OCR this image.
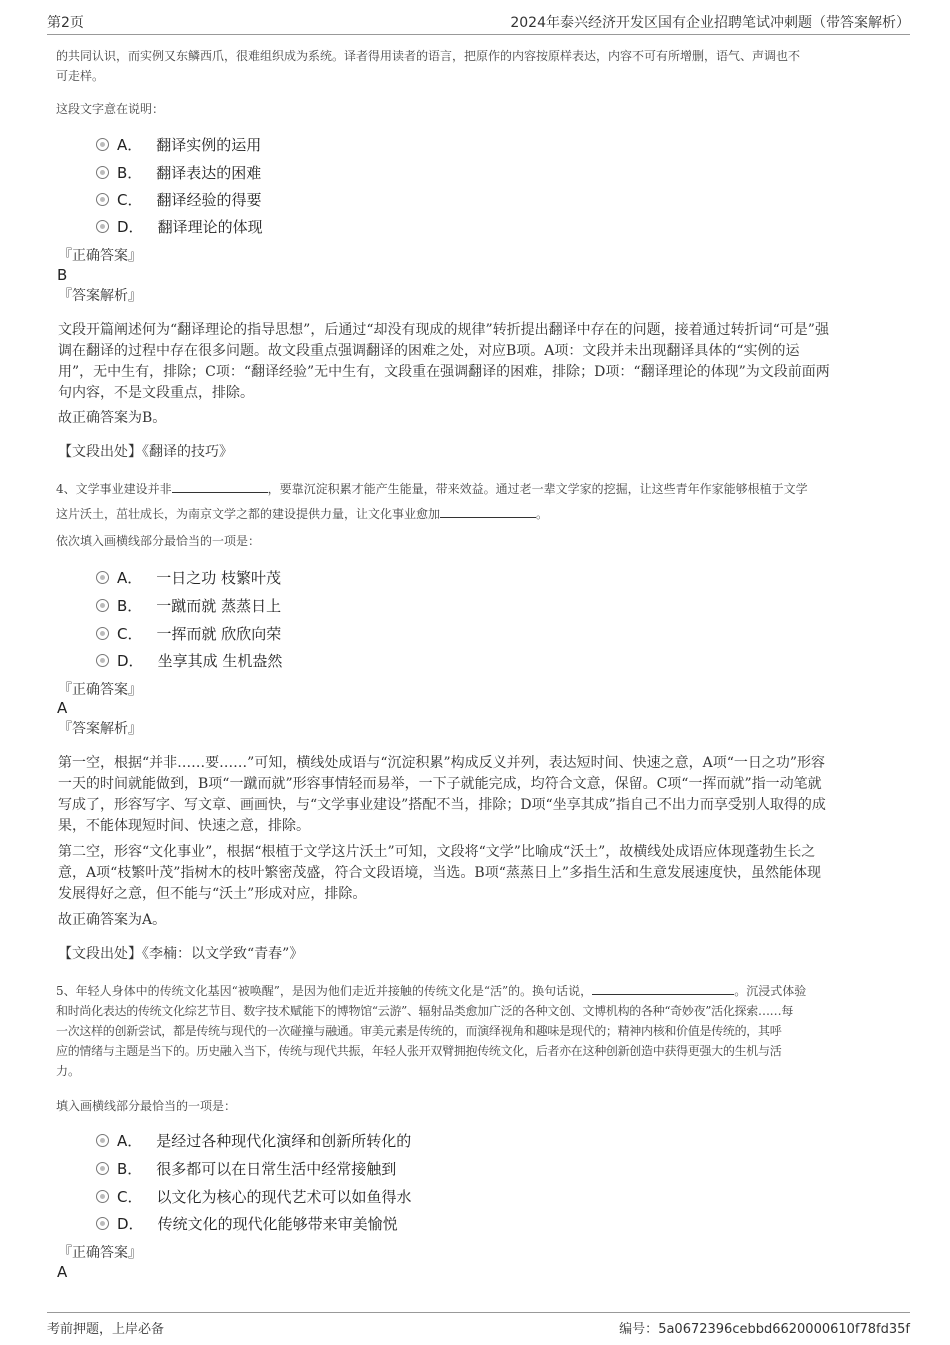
第2页	2024年泰兴经济开发区国有企业招聘笔试冲刺题（带答案解析）
的共同认识，而实例又东鳞西爪，很难组织成为系统。译者得用读者的语言，把原作的内容按原样表达，内容不可有所增删，语气、声调也不
可走样。
这段文字意在说明：
A． 翻译实例的运用
B． 翻译表达的困难
C． 翻译经验的得要
D． 翻译理论的体现
『正确答案』
B
『答案解析』
文段开篇阐述何为“翻译理论的指导思想”，后通过“却没有现成的规律”转折提出翻译中存在的问题，接着通过转折词“可是”强
调在翻译的过程中存在很多问题。故文段重点强调翻译的困难之处，对应B项。A项：文段并未出现翻译具体的“实例的运
用”，无中生有，排除；C项：“翻译经验”无中生有，文段重在强调翻译的困难，排除；D项：“翻译理论的体现”为文段前面两
句内容，不是文段重点，排除。
故正确答案为B。
【文段出处】《翻译的技巧》
4、文学事业建设并非	，要靠沉淀积累才能产生能量，带来效益。通过老一辈文学家的挖掘，让这些青年作家能够根植于文学
这片沃土，茁壮成长，为南京文学之都的建设提供力量，让文化事业愈加	。
依次填入画横线部分最恰当的一项是：
A． 一日之功 枝繁叶茂
B． 一蹴而就 蒸蒸日上
C． 一挥而就 欣欣向荣
D． 坐享其成 生机盎然
『正确答案』
A
『答案解析』
第一空，根据“并非……要……”可知，横线处成语与“沉淀积累”构成反义并列，表达短时间、快速之意，A项“一日之功”形容
一天的时间就能做到，B项“一蹴而就”形容事情轻而易举，一下子就能完成，均符合文意，保留。C项“一挥而就”指一动笔就
写成了，形容写字、写文章、画画快，与“文学事业建设”搭配不当，排除；D项“坐享其成”指自己不出力而享受别人取得的成
果，不能体现短时间、快速之意，排除。
第二空，形容“文化事业”，根据“根植于文学这片沃土”可知，文段将“文学”比喻成“沃土”，故横线处成语应体现蓬勃生长之
意，A项“枝繁叶茂”指树木的枝叶繁密茂盛，符合文段语境，当选。B项“蒸蒸日上”多指生活和生意发展速度快，虽然能体现
发展得好之意，但不能与“沃土”形成对应，排除。
故正确答案为A。
【文段出处】《李楠：以文学致“青春”》
5、年轻人身体中的传统文化基因“被唤醒”，是因为他们走近并接触的传统文化是“活”的。换句话说，	。沉浸式体验
和时尚化表达的传统文化综艺节目、数字技术赋能下的博物馆“云游”、辐射品类愈加广泛的各种文创、文博机构的各种“奇妙夜”活化探索……每
一次这样的创新尝试，都是传统与现代的一次碰撞与融通。审美元素是传统的，而演绎视角和趣味是现代的；精神内核和价值是传统的，其呼
应的情绪与主题是当下的。历史融入当下，传统与现代共振，年轻人张开双臂拥抱传统文化，后者亦在这种创新创造中获得更强大的生机与活
力。
填入画横线部分最恰当的一项是：
A． 是经过各种现代化演绎和创新所转化的
B． 很多都可以在日常生活中经常接触到
C． 以文化为核心的现代艺术可以如鱼得水
D． 传统文化的现代化能够带来审美愉悦
『正确答案』
A
考前押题，上岸必备	编号：5a0672396cebbd6620000610f78fd35f
